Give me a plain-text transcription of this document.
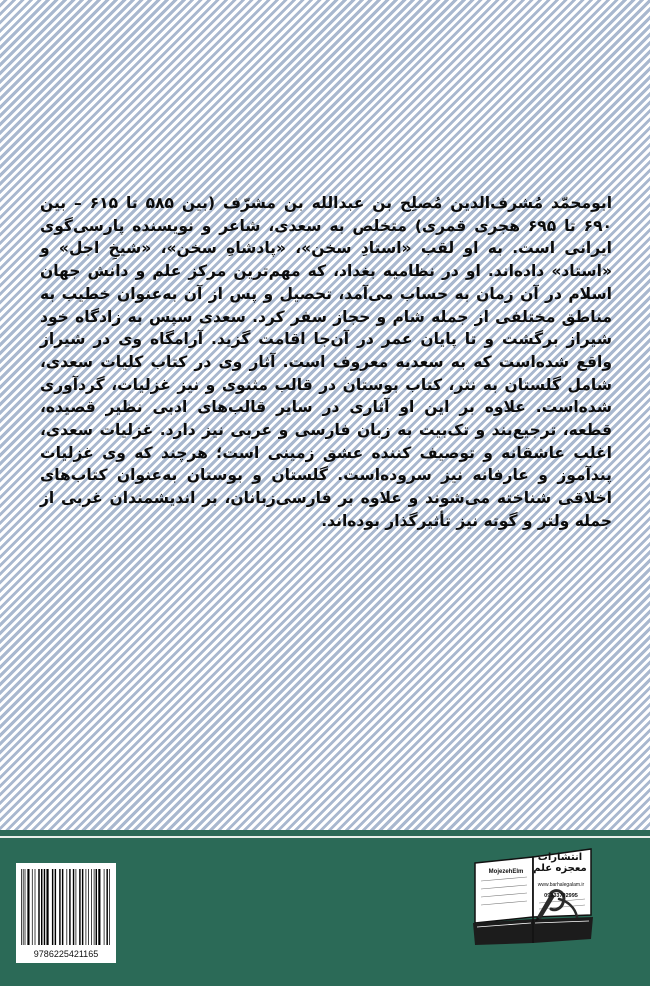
ابومحمّد مُشرف‌الدین مُصلِح بن عبدالله بن مشرّف (بین ۵۸۵ تا ۶۱۵ – بین ۶۹۰ تا ۶۹۵ هجری قمری) متخلص به سعدی، شاعر و نویسنده پارسی‌گوی ایرانی است. به او لقب «استادِ سخن»، «پادشاهِ سخن»، «شیخِ اجل» و «استاد» داده‌اند. او در نظامیه بغداد، که مهم‌ترین مرکز علم و دانش جهان اسلام در آن زمان به حساب می‌آمد، تحصیل و پس از آن به‌عنوان خطیب به مناطق مختلفی از جمله شام و حجاز سفر کرد. سعدی سپس به زادگاه خود شیراز برگشت و تا پایان عمر در آن‌جا اقامت گزید. آرامگاه وی در شیراز واقع شده‌است که به سعدیه معروف است. آثار وی در کتاب کلیات سعدی، شامل گلستان به نثر، کتاب بوستان در قالب مثنوی و نیز غزلیات، گردآوری شده‌است. علاوه بر این او آثاری در سایر قالب‌های ادبی نظیر قصیده، قطعه، ترجیع‌بند و تک‌بیت به زبان فارسی و عربی نیز دارد. غزلیات سعدی، اغلب عاشقانه و توصیف کننده عشق زمینی است؛ هرچند که وی غزلیات پندآموز و عارفانه نیز سروده‌است. گلستان و بوستان به‌عنوان کتاب‌های اخلاقی شناخته می‌شوند و علاوه بر فارسی‌زبانان، بر اندیشمندان غربی از جمله ولتر و گوته نیز تأثیرگذار بوده‌اند.
9786225421165
انتشارات
معجزه علم
MojezehElm
www.barhalegalam.ir
09933702995
